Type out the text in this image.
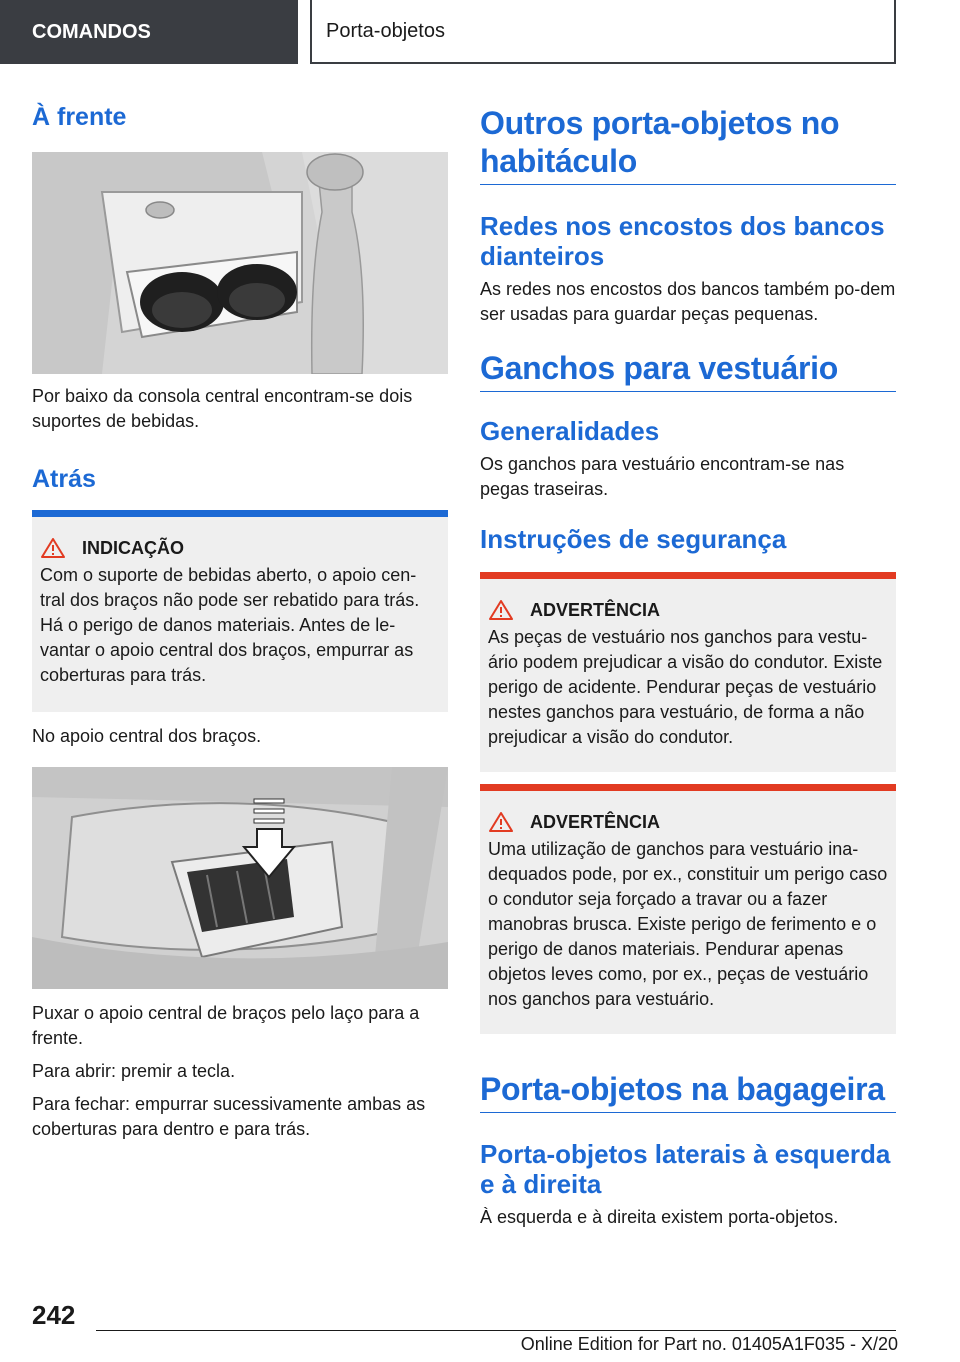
COMANDOS	Porta-objetos
À frente

Por baixo da consola central encontram-se dois suportes de bebidas.

Atrás
INDICAÇÃO
Com o suporte de bebidas aberto, o apoio cen-tral dos braços não pode ser rebatido para trás. Há o perigo de danos materiais. Antes de le-vantar o apoio central dos braços, empurrar as coberturas para trás.

No apoio central dos braços.

Puxar o apoio central de braços pelo laço para a frente.

Para abrir: premir a tecla.

Para fechar: empurrar sucessivamente ambas as coberturas para dentro e para trás.

Outros porta-objetos no habitáculo
Redes nos encostos dos bancos dianteiros

As redes nos encostos dos bancos também po-dem ser usadas para guardar peças pequenas.

Ganchos para vestuário
Generalidades

Os ganchos para vestuário encontram-se nas pegas traseiras.

Instruções de segurança
ADVERTÊNCIA
As peças de vestuário nos ganchos para vestu-ário podem prejudicar a visão do condutor. Existe perigo de acidente. Pendurar peças de vestuário nestes ganchos para vestuário, de forma a não prejudicar a visão do condutor.
ADVERTÊNCIA
Uma utilização de ganchos para vestuário ina-dequados pode, por ex., constituir um perigo caso o condutor seja forçado a travar ou a fazer manobras brusca. Existe perigo de ferimento e o perigo de danos materiais. Pendurar apenas objetos leves como, por ex., peças de vestuário nos ganchos para vestuário.
Porta-objetos na bagageira
Porta-objetos laterais à esquerda e à direita

À esquerda e à direita existem porta-objetos.

242
Online Edition for Part no. 01405A1F035 - X/20
